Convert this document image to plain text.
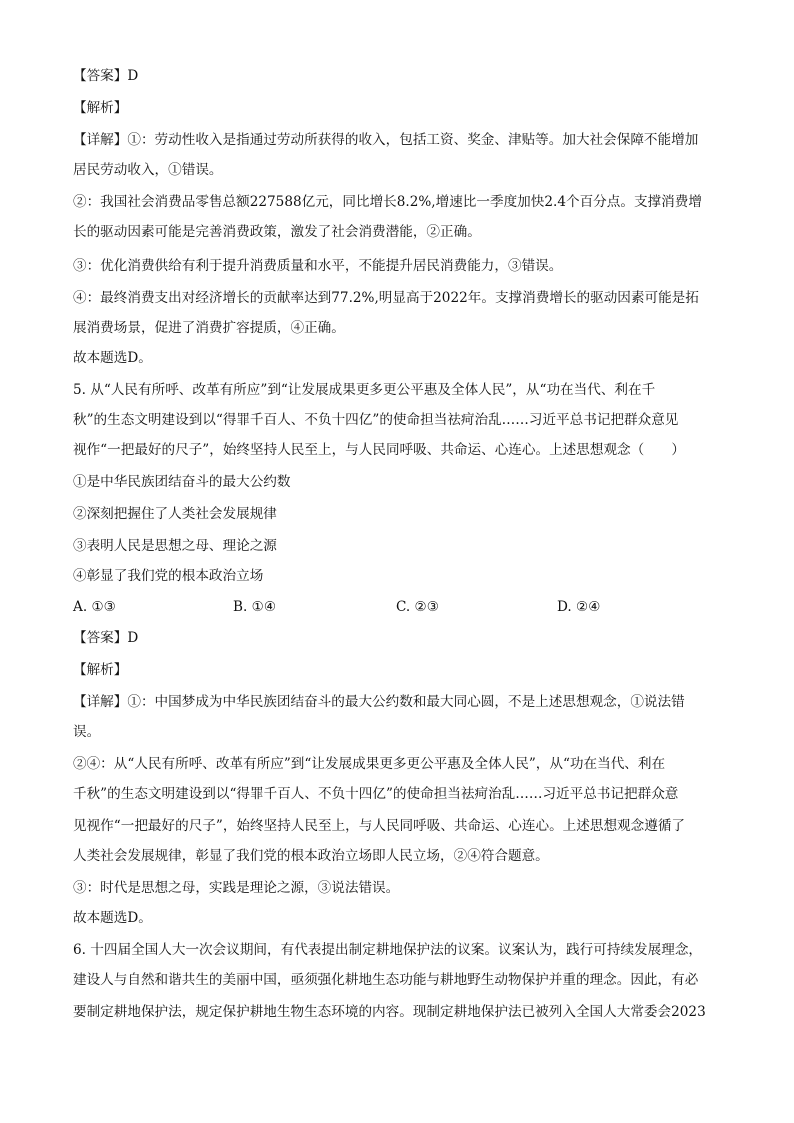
【答案】D
【解析】
【详解】①：劳动性收入是指通过劳动所获得的收入，包括工资、奖金、津贴等。加大社会保障不能增加
居民劳动收入，①错误。
②：我国社会消费品零售总额227588亿元，同比增长8.2%,增速比一季度加快2.4个百分点。支撑消费增
长的驱动因素可能是完善消费政策，激发了社会消费潜能，②正确。
③：优化消费供给有利于提升消费质量和水平，不能提升居民消费能力，③错误。
④：最终消费支出对经济增长的贡献率达到77.2%,明显高于2022年。支撑消费增长的驱动因素可能是拓
展消费场景，促进了消费扩容提质，④正确。
故本题选D。
5. 从“人民有所呼、改革有所应”到“让发展成果更多更公平惠及全体人民”，从“功在当代、利在千
秋”的生态文明建设到以“得罪千百人、不负十四亿”的使命担当祛疴治乱……习近平总书记把群众意见
视作“一把最好的尺子”，始终坚持人民至上，与人民同呼吸、共命运、心连心。上述思想观念（　　）
①是中华民族团结奋斗的最大公约数
②深刻把握住了人类社会发展规律
③表明人民是思想之母、理论之源
④彰显了我们党的根本政治立场
A. ①③	B. ①④	C. ②③	D. ②④
【答案】D
【解析】
【详解】①：中国梦成为中华民族团结奋斗的最大公约数和最大同心圆，不是上述思想观念，①说法错
误。
②④：从“人民有所呼、改革有所应”到“让发展成果更多更公平惠及全体人民”，从“功在当代、利在
千秋”的生态文明建设到以“得罪千百人、不负十四亿”的使命担当祛疴治乱……习近平总书记把群众意
见视作“一把最好的尺子”，始终坚持人民至上，与人民同呼吸、共命运、心连心。上述思想观念遵循了
人类社会发展规律，彰显了我们党的根本政治立场即人民立场，②④符合题意。
③：时代是思想之母，实践是理论之源，③说法错误。
故本题选D。
6. 十四届全国人大一次会议期间，有代表提出制定耕地保护法的议案。议案认为，践行可持续发展理念，
建设人与自然和谐共生的美丽中国，亟须强化耕地生态功能与耕地野生动物保护并重的理念。因此，有必
要制定耕地保护法，规定保护耕地生物生态环境的内容。现制定耕地保护法已被列入全国人大常委会2023
